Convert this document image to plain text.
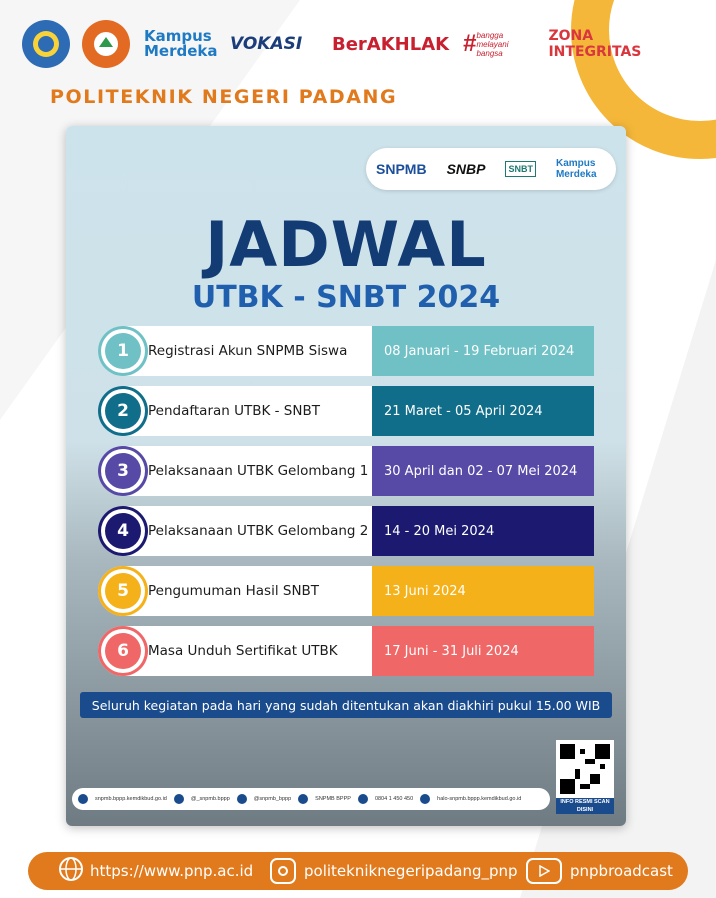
Kampus Merdeka VOKASI BerAKHLAK # bangga melayani bangsa
ZONA INTEGRITAS
POLITEKNIK NEGERI PADANG
SNPMB SNBP	SNBT	Kampus Merdeka
JADWAL
UTBK - SNBT 2024
Registrasi Akun SNPMB Siswa	08 Januari - 19 Februari 2024
1
Pendaftaran UTBK - SNBT	21 Maret - 05 April 2024
2
Pelaksanaan UTBK Gelombang 1	30 April dan 02 - 07 Mei 2024
3
Pelaksanaan UTBK Gelombang 2	14 - 20 Mei 2024
4
Pengumuman Hasil SNBT	13 Juni 2024
5
Masa Unduh Sertifikat UTBK	17 Juni - 31 Juli 2024
6
Seluruh kegiatan pada hari yang sudah ditentukan akan diakhiri pukul 15.00 WIB
snpmb.bppp.kemdikbud.go.id	@_snpmb.bppp	@snpmb_bppp	SNPMB BPPP	0804 1 450 450	halo-snpmb.bppp.kemdikbud.go.id	INFO RESMI SCAN DISINI
https://www.pnp.ac.id	politekniknegeripadang_pnp	pnpbroadcast
